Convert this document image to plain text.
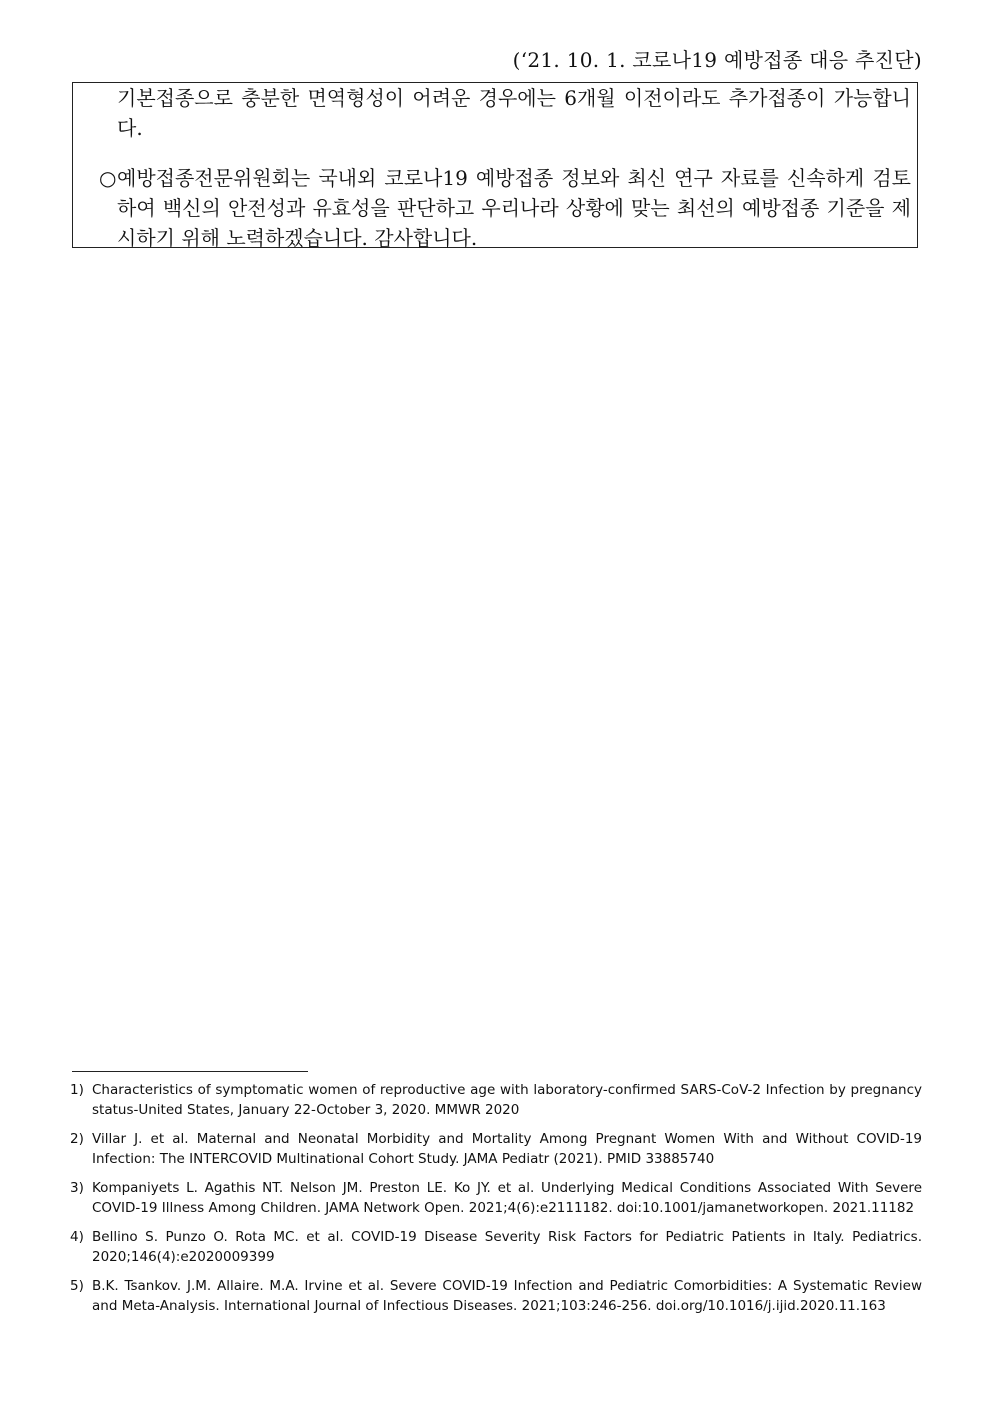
(‘21. 10. 1. 코로나19 예방접종 대응 추진단)
기본접종으로 충분한 면역형성이 어려운 경우에는 6개월 이전이라도 추가접종이 가능합니다.
○ 예방접종전문위원회는 국내외 코로나19 예방접종 정보와 최신 연구 자료를 신속하게 검토하여 백신의 안전성과 유효성을 판단하고 우리나라 상황에 맞는 최선의 예방접종 기준을 제시하기 위해 노력하겠습니다. 감사합니다.
1) Characteristics of symptomatic women of reproductive age with laboratory-confirmed SARS-CoV-2 Infection by pregnancy status-United States, January 22-October 3, 2020. MMWR 2020
2) Villar J. et al. Maternal and Neonatal Morbidity and Mortality Among Pregnant Women With and Without COVID-19 Infection: The INTERCOVID Multinational Cohort Study. JAMA Pediatr (2021). PMID 33885740
3) Kompaniyets L. Agathis NT. Nelson JM. Preston LE. Ko JY. et al. Underlying Medical Conditions Associated With Severe COVID-19 Illness Among Children. JAMA Network Open. 2021;4(6):e2111182. doi:10.1001/jamanetworkopen. 2021.11182
4) Bellino S. Punzo O. Rota MC. et al. COVID-19 Disease Severity Risk Factors for Pediatric Patients in Italy. Pediatrics. 2020;146(4):e2020009399
5) B.K. Tsankov. J.M. Allaire. M.A. Irvine et al. Severe COVID-19 Infection and Pediatric Comorbidities: A Systematic Review and Meta-Analysis. International Journal of Infectious Diseases. 2021;103:246-256. doi.org/10.1016/j.ijid.2020.11.163
